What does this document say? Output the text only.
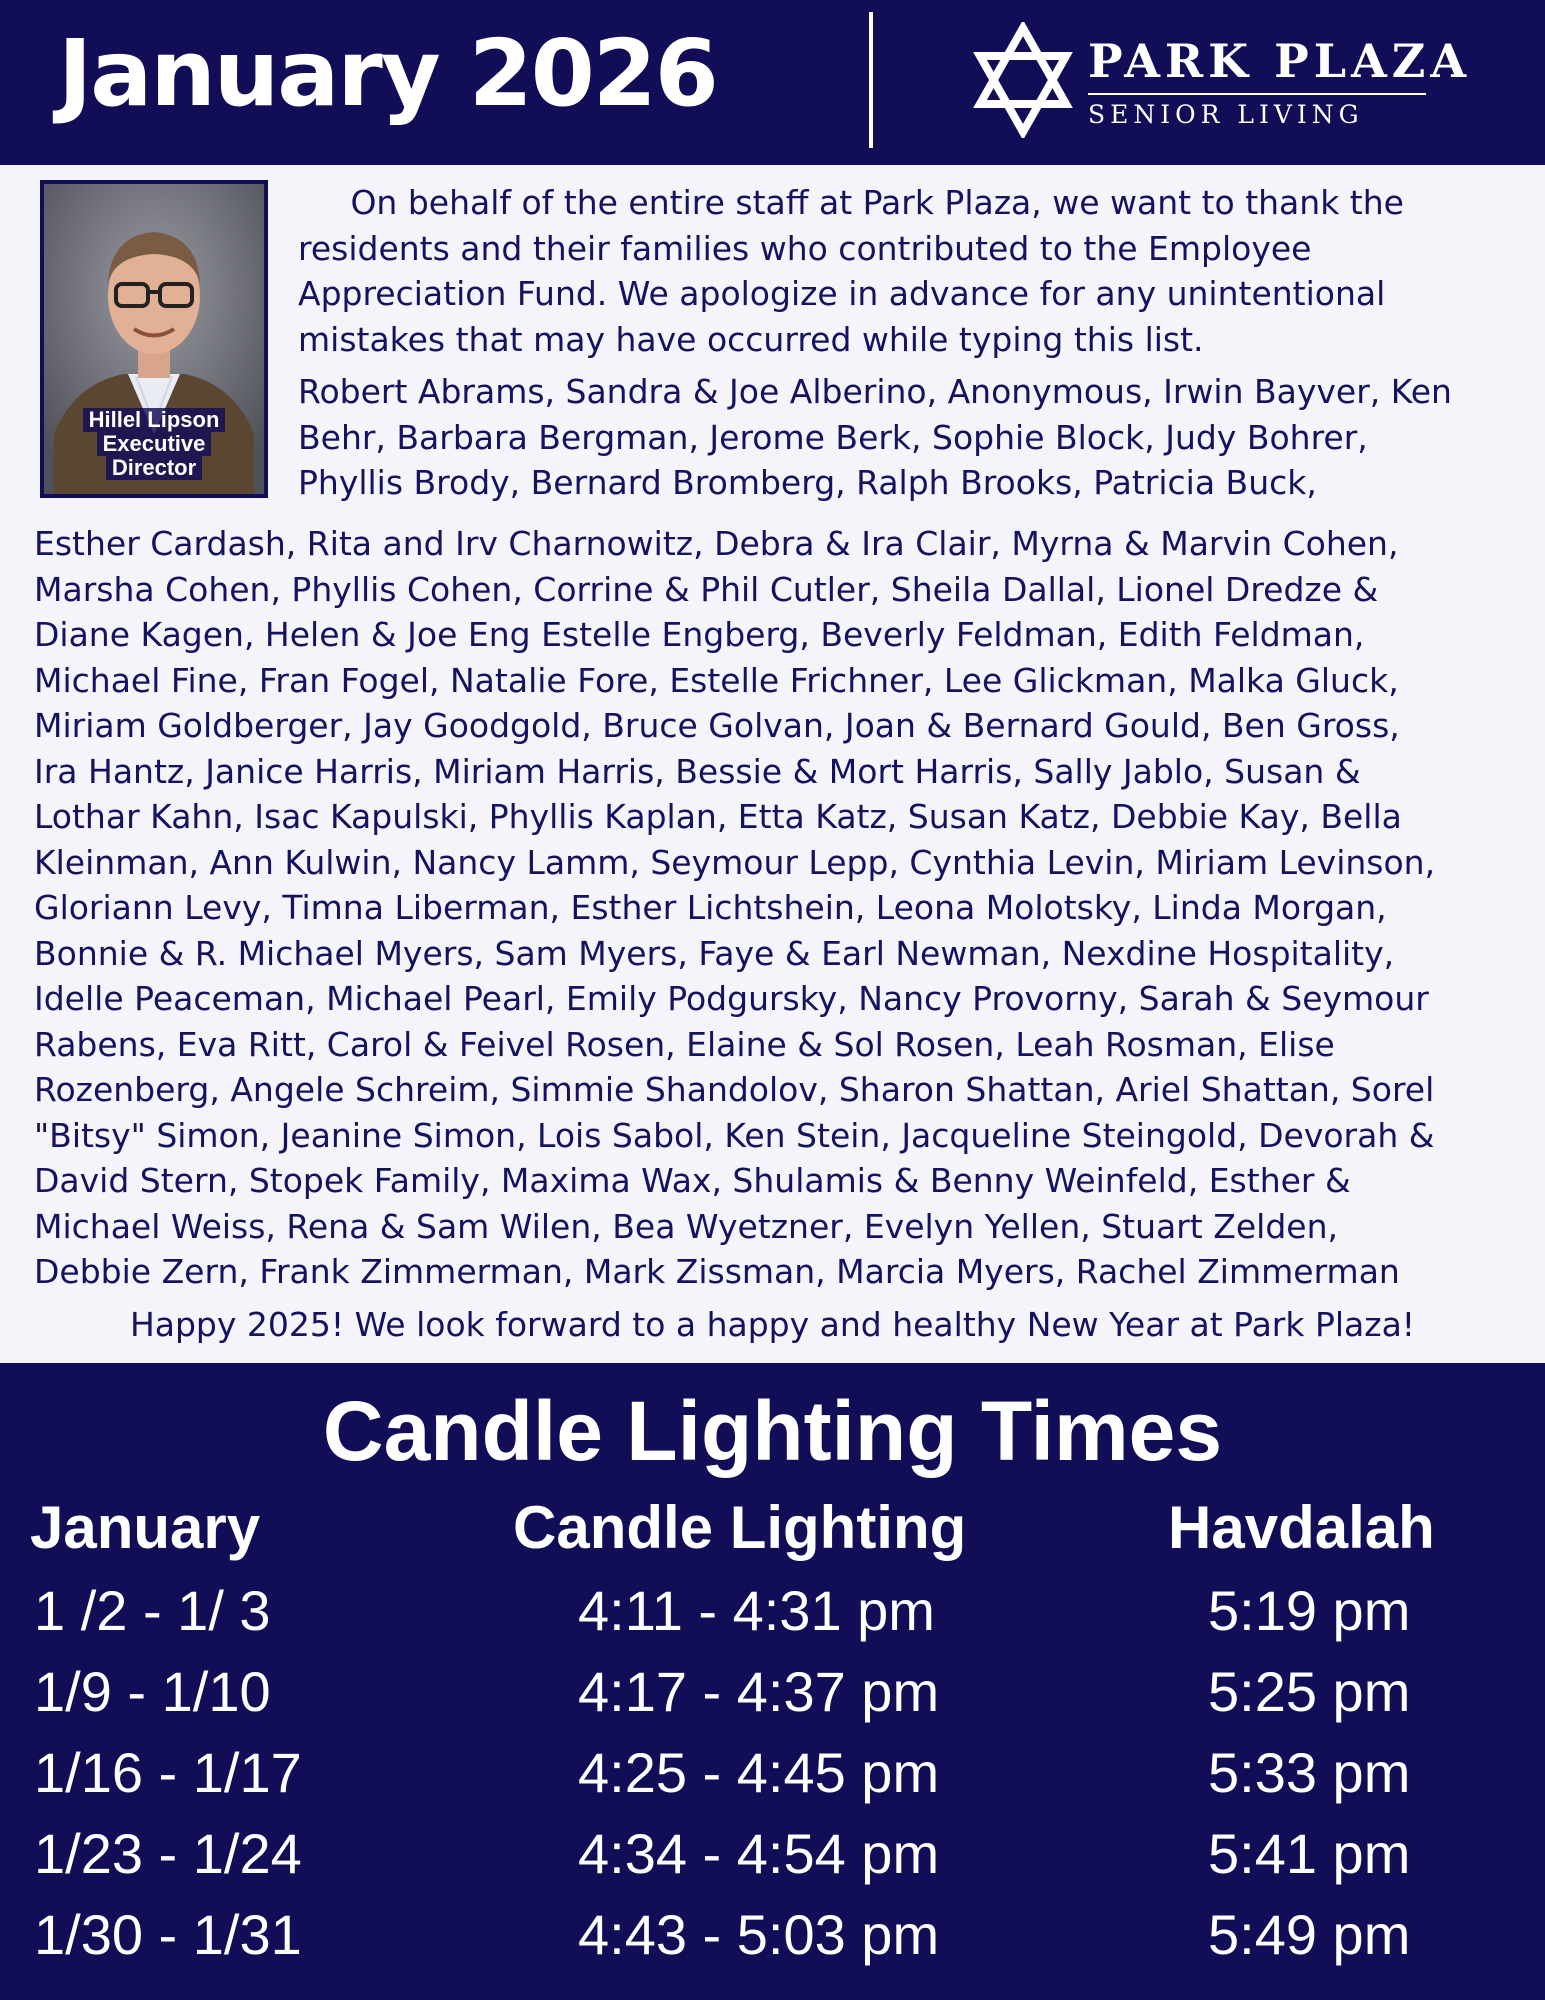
January 2026	PARK PLAZA
SENIOR LIVING
Hillel Lipson
Executive
Director
On behalf of the entire staff at Park Plaza, we want to thank the
residents and their families who contributed to the Employee
Appreciation Fund. We apologize in advance for any unintentional
mistakes that may have occurred while typing this list.
Robert Abrams, Sandra & Joe Alberino, Anonymous, Irwin Bayver, Ken
Behr, Barbara Bergman, Jerome Berk, Sophie Block, Judy Bohrer,
Phyllis Brody, Bernard Bromberg, Ralph Brooks, Patricia Buck,
Esther Cardash, Rita and Irv Charnowitz, Debra & Ira Clair, Myrna & Marvin Cohen,
Marsha Cohen, Phyllis Cohen, Corrine & Phil Cutler, Sheila Dallal, Lionel Dredze &
Diane Kagen, Helen & Joe Eng Estelle Engberg, Beverly Feldman, Edith Feldman,
Michael Fine, Fran Fogel, Natalie Fore, Estelle Frichner, Lee Glickman, Malka Gluck,
Miriam Goldberger, Jay Goodgold, Bruce Golvan, Joan & Bernard Gould, Ben Gross,
Ira Hantz, Janice Harris, Miriam Harris, Bessie & Mort Harris, Sally Jablo, Susan &
Lothar Kahn, Isac Kapulski, Phyllis Kaplan, Etta Katz, Susan Katz, Debbie Kay, Bella
Kleinman, Ann Kulwin, Nancy Lamm, Seymour Lepp, Cynthia Levin, Miriam Levinson,
Gloriann Levy, Timna Liberman, Esther Lichtshein, Leona Molotsky, Linda Morgan,
Bonnie & R. Michael Myers, Sam Myers, Faye & Earl Newman, Nexdine Hospitality,
Idelle Peaceman, Michael Pearl, Emily Podgursky, Nancy Provorny, Sarah & Seymour
Rabens, Eva Ritt, Carol & Feivel Rosen, Elaine & Sol Rosen, Leah Rosman, Elise
Rozenberg, Angele Schreim, Simmie Shandolov, Sharon Shattan, Ariel Shattan, Sorel
"Bitsy" Simon, Jeanine Simon, Lois Sabol, Ken Stein, Jacqueline Steingold, Devorah &
David Stern, Stopek Family, Maxima Wax, Shulamis & Benny Weinfeld, Esther &
Michael Weiss, Rena & Sam Wilen, Bea Wyetzner, Evelyn Yellen, Stuart Zelden,
Debbie Zern, Frank Zimmerman, Mark Zissman, Marcia Myers, Rachel Zimmerman
Happy 2025! We look forward to a happy and healthy New Year at Park Plaza!
Candle Lighting Times
January	Candle Lighting	Havdalah
1 /2 - 1/ 3	4:11 - 4:31 pm	5:19 pm
1/9 - 1/10	4:17 - 4:37 pm	5:25 pm
1/16 - 1/17	4:25 - 4:45 pm	5:33 pm
1/23 - 1/24	4:34 - 4:54 pm	5:41 pm
1/30 - 1/31	4:43 - 5:03 pm	5:49 pm
